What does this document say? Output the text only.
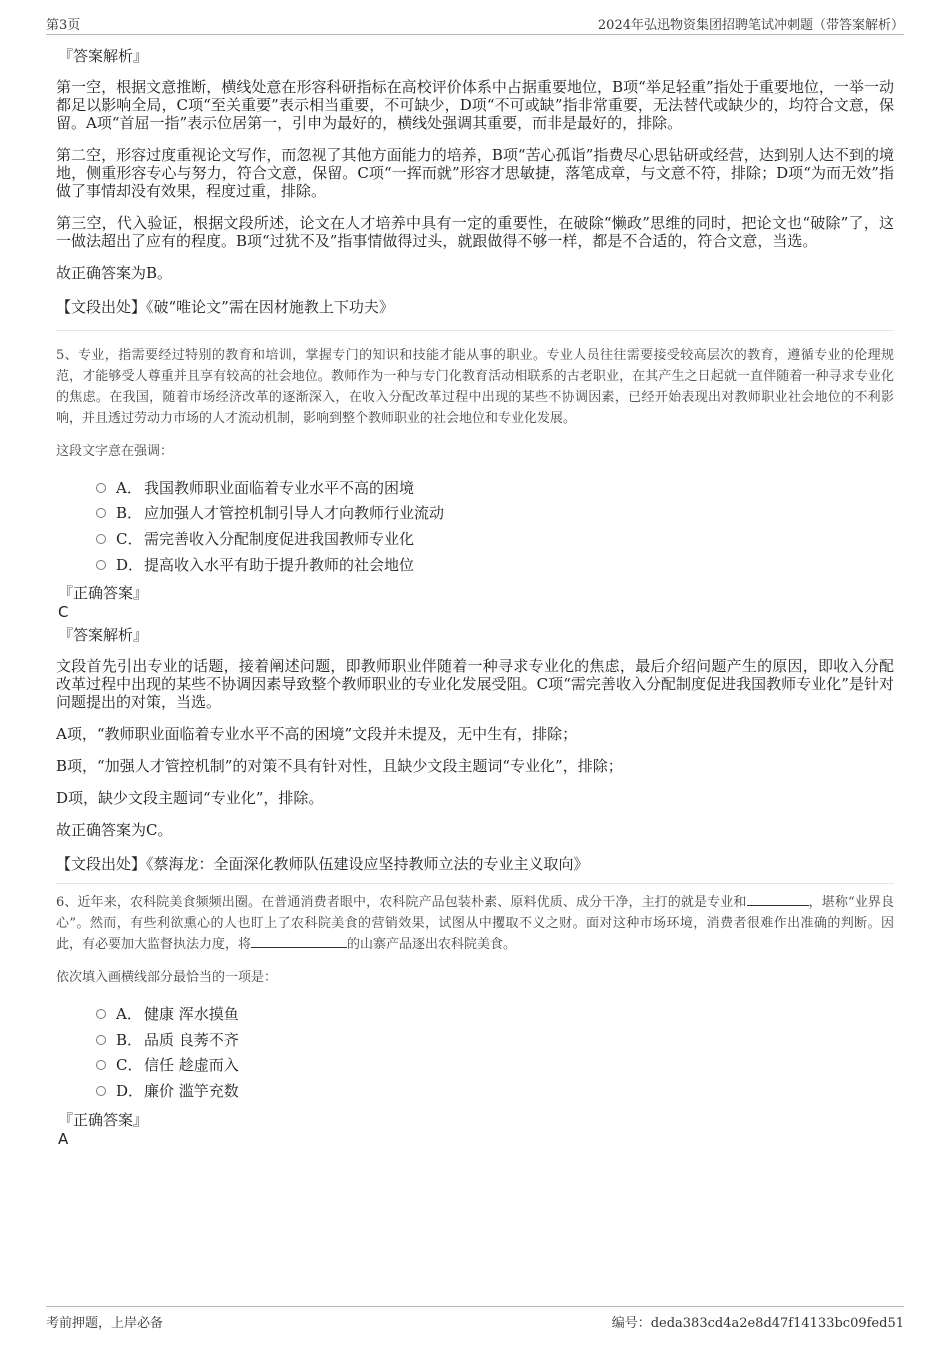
第3页	2024年弘迅物资集团招聘笔试冲刺题（带答案解析）
『答案解析』

第一空，根据文意推断，横线处意在形容科研指标在高校评价体系中占据重要地位，B项“举足轻重”指处于重要地位，一举一动都足以影响全局，C项“至关重要”表示相当重要，不可缺少，D项“不可或缺”指非常重要，无法替代或缺少的，均符合文意，保留。A项“首屈一指”表示位居第一，引申为最好的，横线处强调其重要，而非是最好的，排除。

第二空，形容过度重视论文写作，而忽视了其他方面能力的培养，B项“苦心孤诣”指费尽心思钻研或经营，达到别人达不到的境地，侧重形容专心与努力，符合文意，保留。C项“一挥而就”形容才思敏捷，落笔成章，与文意不符，排除；D项“为而无效”指做了事情却没有效果，程度过重，排除。

第三空，代入验证，根据文段所述，论文在人才培养中具有一定的重要性，在破除“懒政”思维的同时，把论文也“破除”了，这一做法超出了应有的程度。B项“过犹不及”指事情做得过头，就跟做得不够一样，都是不合适的，符合文意，当选。

故正确答案为B。

【文段出处】《破“唯论文”需在因材施教上下功夫》

5、专业，指需要经过特别的教育和培训，掌握专门的知识和技能才能从事的职业。专业人员往往需要接受较高层次的教育，遵循专业的伦理规范，才能够受人尊重并且享有较高的社会地位。教师作为一种与专门化教育活动相联系的古老职业，在其产生之日起就一直伴随着一种寻求专业化的焦虑。在我国，随着市场经济改革的逐渐深入，在收入分配改革过程中出现的某些不协调因素，已经开始表现出对教师职业社会地位的不利影响，并且透过劳动力市场的人才流动机制，影响到整个教师职业的社会地位和专业化发展。

这段文字意在强调：

A． 我国教师职业面临着专业水平不高的困境
B． 应加强人才管控机制引导人才向教师行业流动
C． 需完善收入分配制度促进我国教师专业化
D． 提高收入水平有助于提升教师的社会地位
『正确答案』
C
『答案解析』

文段首先引出专业的话题，接着阐述问题，即教师职业伴随着一种寻求专业化的焦虑，最后介绍问题产生的原因，即收入分配改革过程中出现的某些不协调因素导致整个教师职业的专业化发展受阻。C项“需完善收入分配制度促进我国教师专业化”是针对问题提出的对策，当选。

A项，“教师职业面临着专业水平不高的困境”文段并未提及，无中生有，排除；

B项，“加强人才管控机制”的对策不具有针对性，且缺少文段主题词“专业化”，排除；

D项，缺少文段主题词“专业化”，排除。

故正确答案为C。

【文段出处】《蔡海龙：全面深化教师队伍建设应坚持教师立法的专业主义取向》

6、近年来，农科院美食频频出圈。在普通消费者眼中，农科院产品包装朴素、原料优质、成分干净，主打的就是专业和	，堪称“业界良心”。然而，有些利欲熏心的人也盯上了农科院美食的营销效果，试图从中攫取不义之财。面对这种市场环境，消费者很难作出准确的判断。因此，有必要加大监督执法力度，将	的山寨产品逐出农科院美食。

依次填入画横线部分最恰当的一项是：

A． 健康 浑水摸鱼
B． 品质 良莠不齐
C． 信任 趁虚而入
D． 廉价 滥竽充数
『正确答案』
A
考前押题，上岸必备	编号：deda383cd4a2e8d47f14133bc09fed51
